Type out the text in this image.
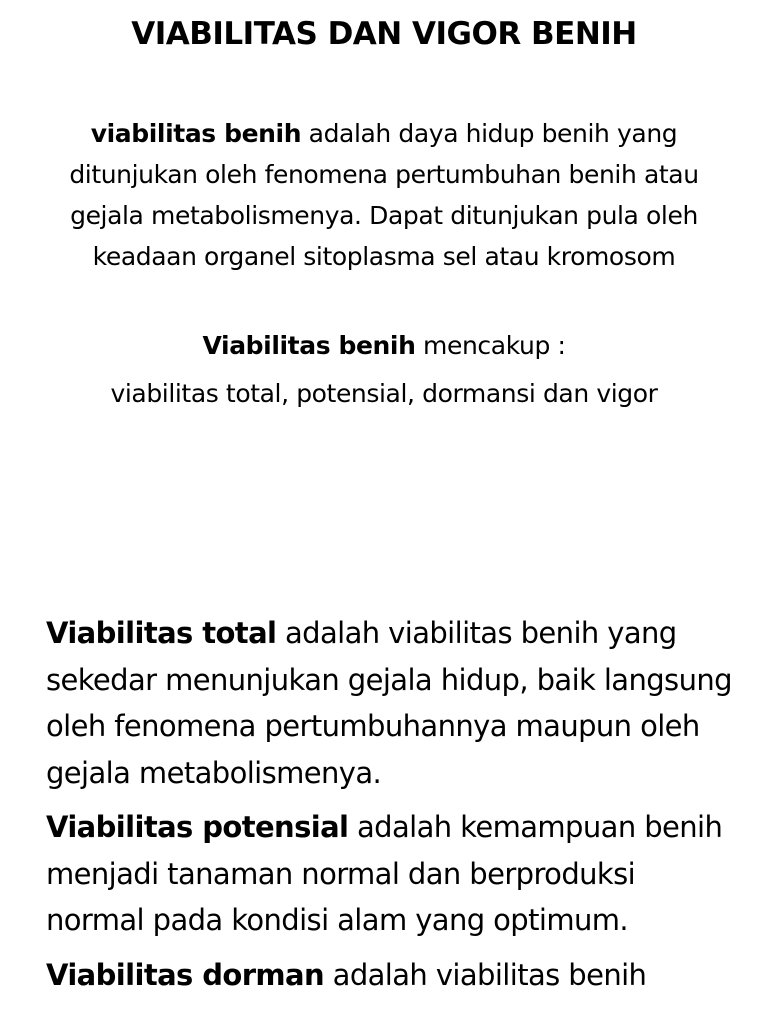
VIABILITAS DAN VIGOR BENIH
viabilitas benih adalah daya hidup benih yang ditunjukan oleh fenomena pertumbuhan benih atau gejala metabolismenya. Dapat ditunjukan pula oleh keadaan organel sitoplasma sel atau kromosom
Viabilitas benih mencakup :
viabilitas total, potensial, dormansi dan vigor

Viabilitas total adalah viabilitas benih yang sekedar menunjukan gejala hidup, baik langsung oleh fenomena pertumbuhannya maupun oleh gejala metabolismenya.

Viabilitas potensial adalah kemampuan benih menjadi tanaman normal dan berproduksi normal pada kondisi alam yang optimum.

Viabilitas dorman adalah viabilitas benih
